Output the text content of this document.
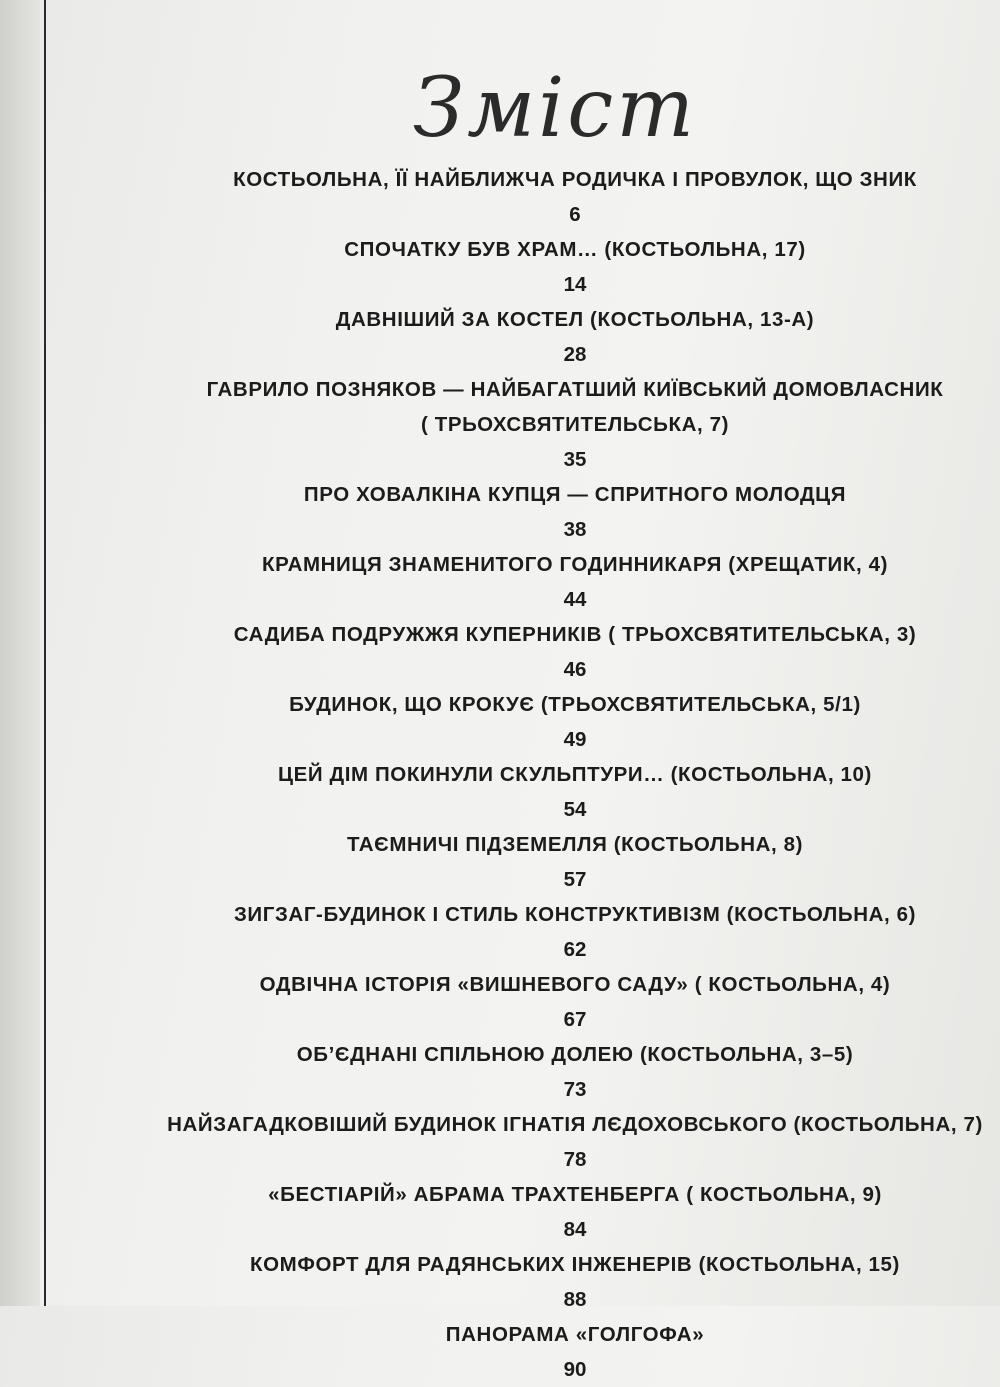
Зміст
КОСТЬОЛЬНА, ЇЇ НАЙБЛИЖЧА РОДИЧКА І ПРОВУЛОК, ЩО ЗНИК
6
СПОЧАТКУ БУВ ХРАМ… (КОСТЬОЛЬНА, 17)
14
ДАВНІШИЙ ЗА КОСТЕЛ (КОСТЬОЛЬНА, 13-А)
28
ГАВРИЛО ПОЗНЯКОВ — НАЙБАГАТШИЙ КИЇВСЬКИЙ ДОМОВЛАСНИК
( ТРЬОХСВЯТИТЕЛЬСЬКА, 7)
35
ПРО ХОВАЛКІНА КУПЦЯ — СПРИТНОГО МОЛОДЦЯ
38
КРАМНИЦЯ ЗНАМЕНИТОГО ГОДИННИКАРЯ (ХРЕЩАТИК, 4)
44
САДИБА ПОДРУЖЖЯ КУПЕРНИКІВ ( ТРЬОХСВЯТИТЕЛЬСЬКА, 3)
46
БУДИНОК, ЩО КРОКУЄ (ТРЬОХСВЯТИТЕЛЬСЬКА, 5/1)
49
ЦЕЙ ДІМ ПОКИНУЛИ СКУЛЬПТУРИ… (КОСТЬОЛЬНА, 10)
54
ТАЄМНИЧІ ПІДЗЕМЕЛЛЯ (КОСТЬОЛЬНА, 8)
57
ЗИГЗАГ-БУДИНОК І СТИЛЬ КОНСТРУКТИВІЗМ (КОСТЬОЛЬНА, 6)
62
ОДВІЧНА ІСТОРІЯ «ВИШНЕВОГО САДУ» ( КОСТЬОЛЬНА, 4)
67
ОБ’ЄДНАНІ СПІЛЬНОЮ ДОЛЕЮ (КОСТЬОЛЬНА, 3–5)
73
НАЙЗАГАДКОВІШИЙ БУДИНОК ІГНАТІЯ ЛЄДОХОВСЬКОГО (КОСТЬОЛЬНА, 7)
78
«БЕСТІАРІЙ» АБРАМА ТРАХТЕНБЕРГА ( КОСТЬОЛЬНА, 9)
84
КОМФОРТ ДЛЯ РАДЯНСЬКИХ ІНЖЕНЕРІВ (КОСТЬОЛЬНА, 15)
88
ПАНОРАМА «ГОЛГОФА»
90
